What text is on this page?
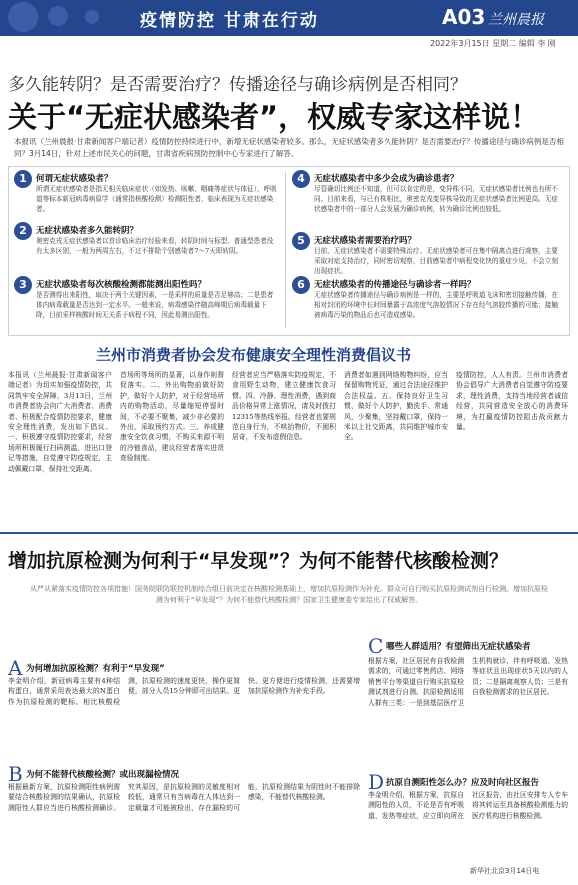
疫情防控 甘肃在行动	A03 兰州晨报
2022年3月15日 星期二 编辑 李 刚
多久能转阴？是否需要治疗？传播途径与确诊病例是否相同？
关于“无症状感染者”，权威专家这样说！
本报讯（兰州晨报·甘肃新闻客户端记者）疫情防控持续进行中，新增无症状感染者较多。那么，无症状感染者多久能转阴？是否需要治疗？传播途径与确诊病例是否相同？3月14日，针对上述市民关心的问题，甘肃省疾病预防控制中心专家进行了解答。
1	何谓无症状感染者？
所谓无症状感染者是指无相关临床症状（如发热、咳嗽、咽痛等症状与体征），呼吸道等标本新冠病毒病原学（通常指核酸检测）检测阳性者，临床表现为无症状感染者。
2	无症状感染者多久能转阴？
奥密克戎无症状感染者以首诊临床治疗经验来看，转阴时间与标型、普通型患者没有太多区别，一般为两周左右，不过不排除个别感染者7～7天即转阴。
3	无症状感染者每次核酸检测都能测出阳性吗？
是否测得出来阳性，取决于两个关键因素，一是采样的质量是否足够高；二是患者体内病毒载量是否达到一定水平。一般来说，病毒感染伴随高峰期后病毒载量下降，目前采样核酸时间无关系于病程不同，因此易测出阳性。
4	无症状感染者中多少会成为确诊患者？
尽管确切比例还不知道，但可以肯定的是，变异株不同，无症状感染者比例也有所不同。目前来看，与已有株相比，奥密克戎变异株导致的无症状感染者比例更高。无症状感染者中的一部分人会发展为确诊病例，转为确诊比例也较低。
5	无症状感染者需要治疗吗？
目前，无症状感染者不需要特殊治疗。无症状感染者可在集中隔离点进行观察，主要采取对症支持治疗，同时密切观察，目前感染者中病程变化快的重症少见，不会立刻出现症状。
6	无症状感染者的传播途径与确诊者一样吗？
无症状感染者传播途径与确诊病例是一样的，主要是呼吸道飞沫和密切接触传播，在相对封闭的环境中长时间暴露于高浓度气溶胶情况下存在经气溶胶传播的可能；接触被病毒污染的物品后也可造成感染。
兰州市消费者协会发布健康安全理性消费倡议书
本报讯（兰州晨报·甘肃新闻客户端记者）为切实加强疫情防控，共同筑牢安全屏障，3月13日，兰州市消费者协会向广大消费者、消费者、积极配合疫情防控要求，健康安全理性消费，发出如下倡议。一、积极遵守疫情防控要求，经营场所积极履行扫码测温、进出口登记等措施，自觉遵守防疫规定，主动佩戴口罩，保持社交距离。
首场所等场所的显著，以身作则督促落实。二、外出购物前做好防护，做好个人防护，对于经营场所内的购物活动，尽量缩短停留时间，不必要不聚集，减少非必要的外出，采取预约方式。三、养成健康安全饮食习惯，不购买来源不明的冷链食品，建议经营者落实进货查验制度。
经营者应当严格落实防疫规定，不食用野生动物，建立健康饮食习惯。四、冷静、理性消费，遇到商品价格异常上涨情况，请及时拨打12315等热线举报。经营者也要规范自身行为，不哄抬物价，不囤积居奇，不发布虚假信息。
消费者如遇到网络购物纠纷，应当保留购物凭证，通过合法途径维护合法权益。五、保持良好卫生习惯，做好个人防护，勤洗手、常通风，少聚集，坚持戴口罩，保持一米以上社交距离，共同维护城市安全。
疫情防控，人人有责。兰州市消费者协会倡导广大消费者自觉遵守防疫要求，理性消费，支持当地经营者诚信经营，共同营造安全放心的消费环境，为打赢疫情防控阻击战贡献力量。
增加抗原检测为何利于“早发现”？为何不能替代核酸检测？
从严从紧落实疫情防控各项措施！国务院联防联控机制综合组日前决定在核酸检测基础上，增加抗原检测作为补充。群众可自行购买抗原检测试剂自行检测。增加抗原检测为何利于“早发现”？为何不能替代核酸检测？国家卫生健康委专家给出了权威解答。
A 为何增加抗原检测？有利于“早发现”
李金明介绍，新冠病毒主要有4种结构蛋白，通常采用表达最大的N蛋白作为抗原检测的靶标。相比核酸检测，抗原检测的速度更快，操作更简便，部分人员15分钟即可出结果。更快、更方便进行疫情检测，还需要增加抗原检测作为补充手段。
B 为何不能替代核酸检测？或出现漏检情况
根据最新方案，抗原检测阳性病例需要结合核酸检测的结果确认，抗原检测阳性人群应当进行核酸检测确诊。究其原因，是抗原检测的灵敏度相对较低，通常只有当病毒在人体达到一定载量才可能被检出，存在漏检的可能，抗原检测结果为阴性时不能排除感染，不能替代核酸检测。
C 哪些人群适用？有望筛出无症状感染者
根据方案，社区居民有自我检测需求的，可通过零售药店、网络销售平台等渠道自行购买抗原检测试剂进行自测。抗原检测适用人群有三类：一是到基层医疗卫生机构就诊，伴有呼吸道、发热等症状且出现症状5天以内的人员；二是隔离观察人员；三是有自我检测需求的社区居民。
D 抗原自测阳性怎么办？应及时向社区报告
李金明介绍，根据方案，抗原自测阳性的人员，不论是否有呼吸道、发热等症状，应立即向所在社区报告，由社区安排专人专车将其转运至具备核酸检测能力的医疗机构进行核酸检测。
新华社北京3月14日电
